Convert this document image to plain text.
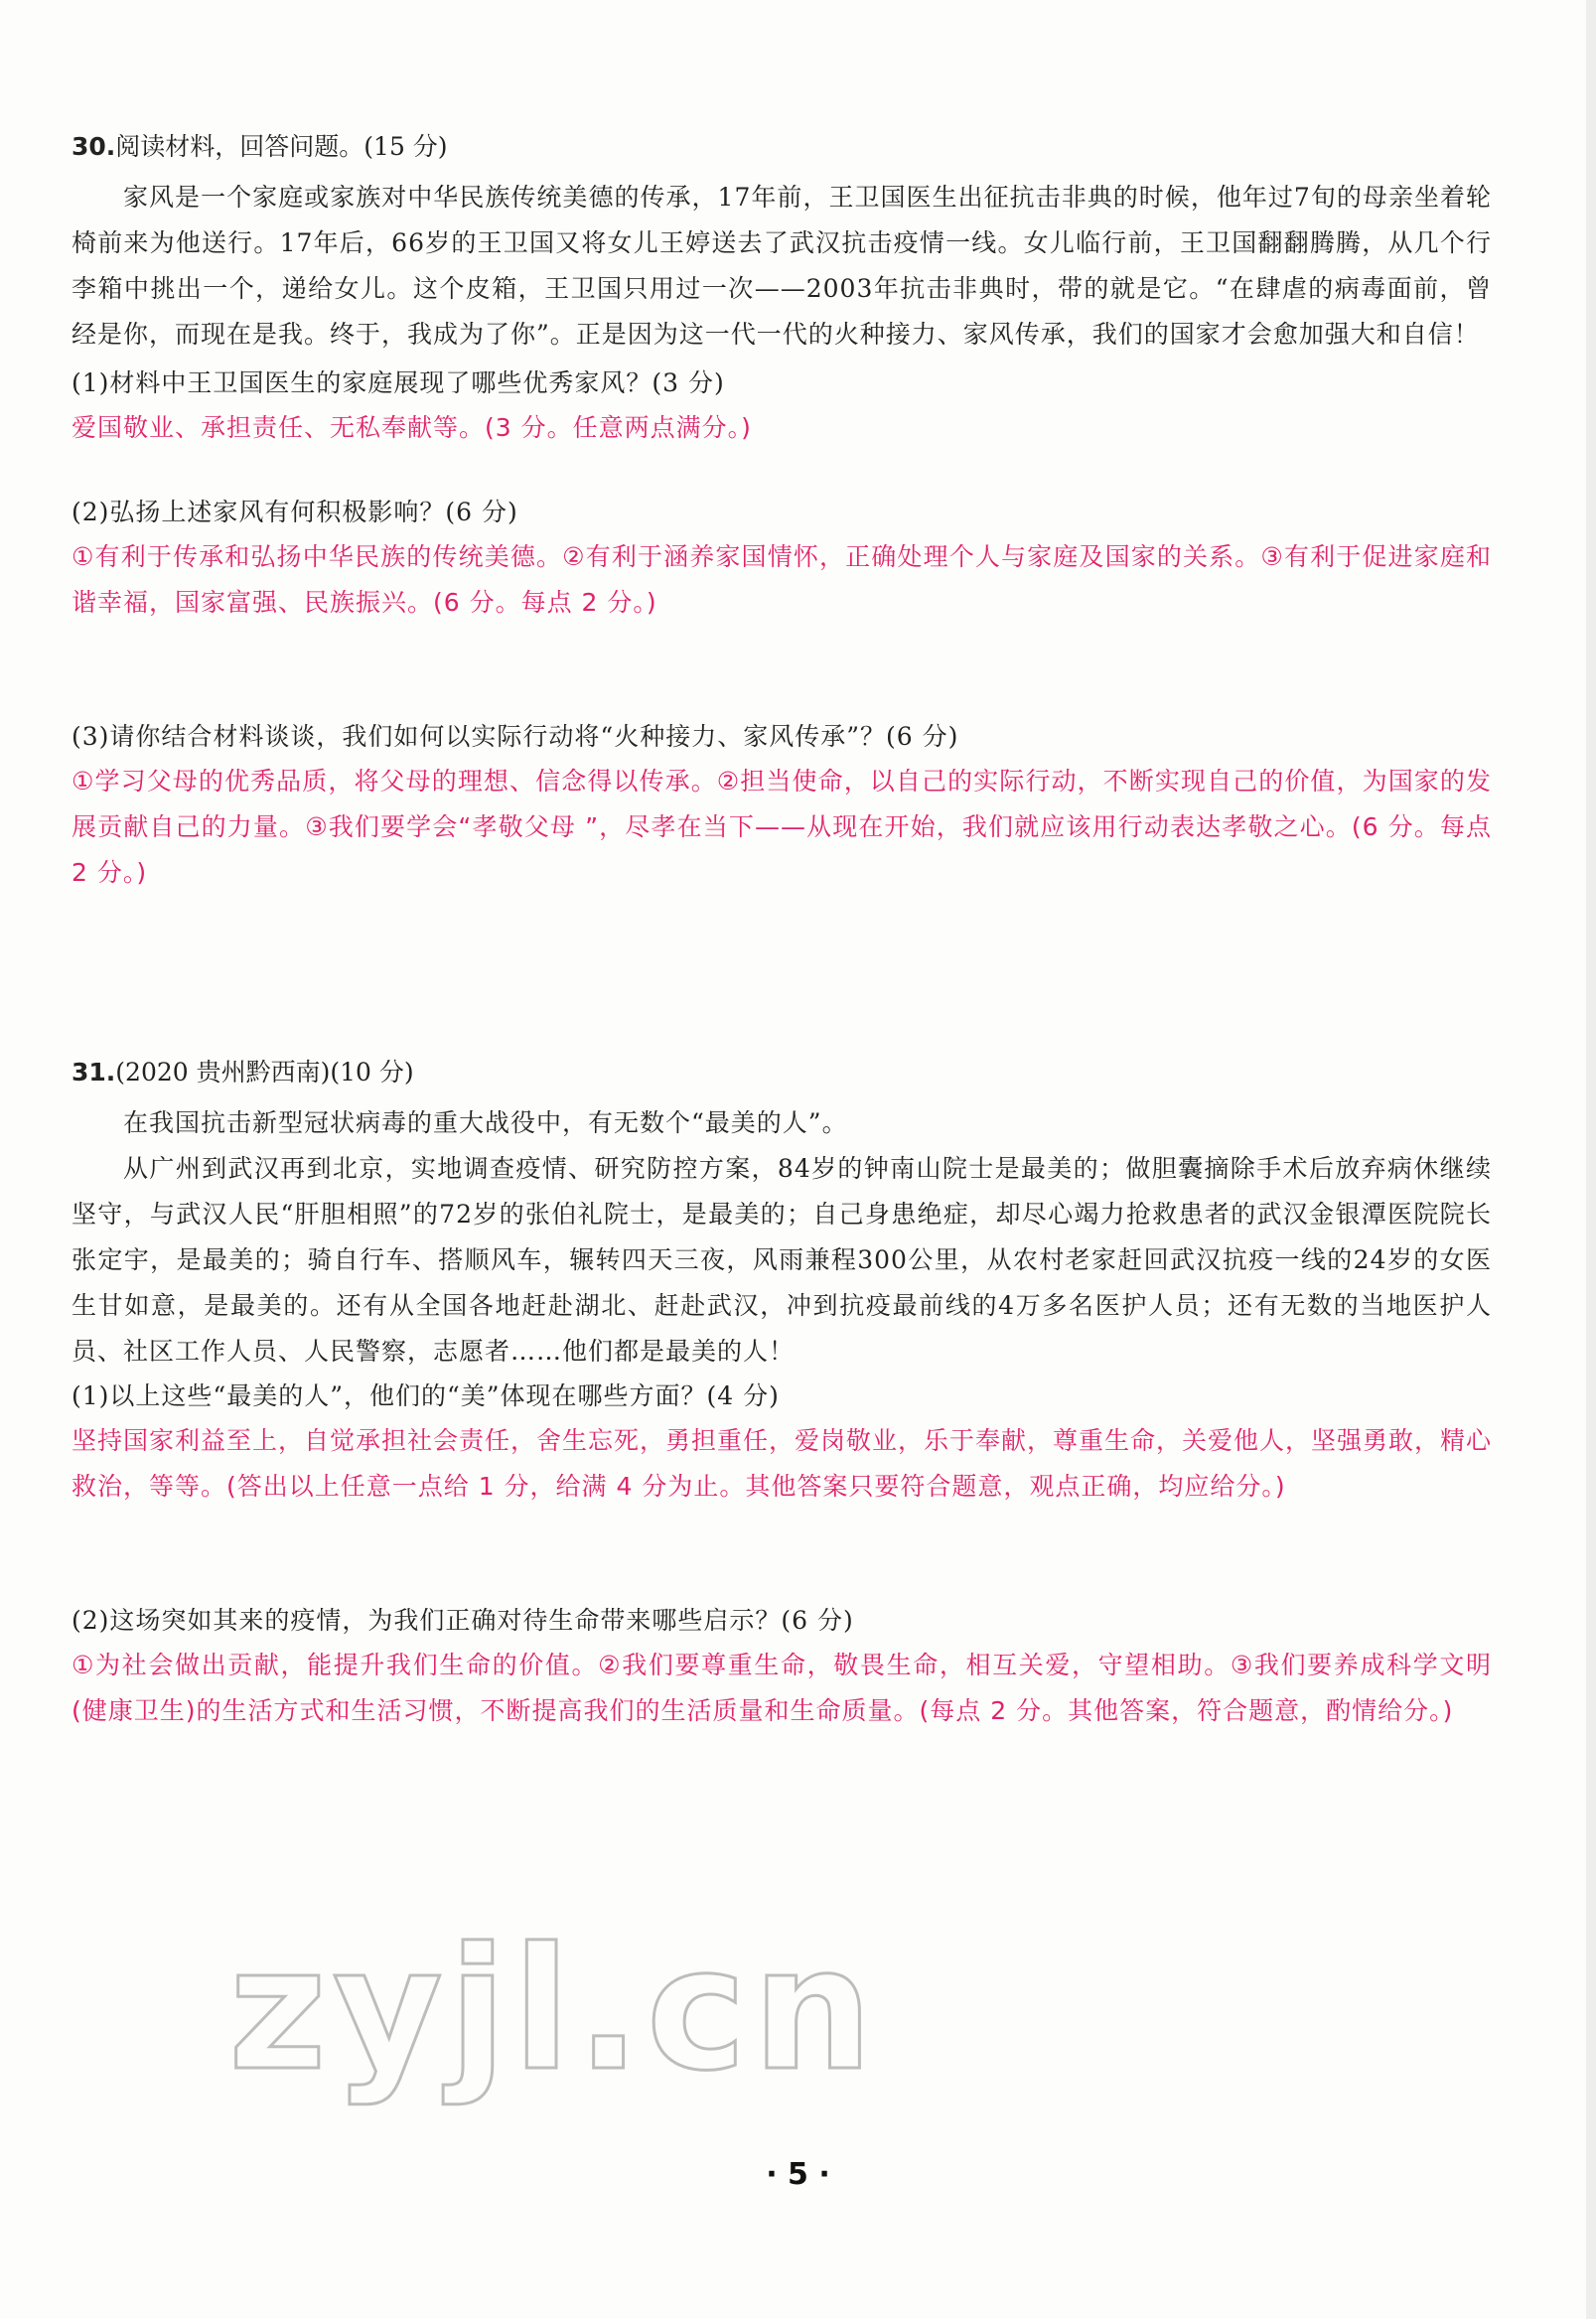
30.阅读材料，回答问题。(15 分)

家风是一个家庭或家族对中华民族传统美德的传承，17年前，王卫国医生出征抗击非典的时候，他年过7旬的母亲坐着轮椅前来为他送行。17年后，66岁的王卫国又将女儿王婷送去了武汉抗击疫情一线。女儿临行前，王卫国翻翻腾腾，从几个行李箱中挑出一个，递给女儿。这个皮箱，王卫国只用过一次——2003年抗击非典时，带的就是它。“在肆虐的病毒面前，曾经是你，而现在是我。终于，我成为了你”。正是因为这一代一代的火种接力、家风传承，我们的国家才会愈加强大和自信！

(1)材料中王卫国医生的家庭展现了哪些优秀家风？(3 分)

爱国敬业、承担责任、无私奉献等。(3 分。任意两点满分。)

(2)弘扬上述家风有何积极影响？(6 分)

①有利于传承和弘扬中华民族的传统美德。②有利于涵养家国情怀，正确处理个人与家庭及国家的关系。③有利于促进家庭和谐幸福，国家富强、民族振兴。(6 分。每点 2 分。)

(3)请你结合材料谈谈，我们如何以实际行动将“火种接力、家风传承”？(6 分)

①学习父母的优秀品质，将父母的理想、信念得以传承。②担当使命，以自己的实际行动，不断实现自己的价值，为国家的发展贡献自己的力量。③我们要学会“孝敬父母 ”，尽孝在当下——从现在开始，我们就应该用行动表达孝敬之心。(6 分。每点 2 分。)

31.(2020 贵州黔西南)(10 分)

在我国抗击新型冠状病毒的重大战役中，有无数个“最美的人”。

从广州到武汉再到北京，实地调查疫情、研究防控方案，84岁的钟南山院士是最美的；做胆囊摘除手术后放弃病休继续坚守，与武汉人民“肝胆相照”的72岁的张伯礼院士，是最美的；自己身患绝症，却尽心竭力抢救患者的武汉金银潭医院院长张定宇，是最美的；骑自行车、搭顺风车，辗转四天三夜，风雨兼程300公里，从农村老家赶回武汉抗疫一线的24岁的女医生甘如意，是最美的。还有从全国各地赶赴湖北、赶赴武汉，冲到抗疫最前线的4万多名医护人员；还有无数的当地医护人员、社区工作人员、人民警察，志愿者……他们都是最美的人！

(1)以上这些“最美的人”，他们的“美”体现在哪些方面？(4 分)

坚持国家利益至上，自觉承担社会责任，舍生忘死，勇担重任，爱岗敬业，乐于奉献，尊重生命，关爱他人，坚强勇敢，精心救治，等等。(答出以上任意一点给 1 分，给满 4 分为止。其他答案只要符合题意，观点正确，均应给分。)

(2)这场突如其来的疫情，为我们正确对待生命带来哪些启示？(6 分)

①为社会做出贡献，能提升我们生命的价值。②我们要尊重生命，敬畏生命，相互关爱，守望相助。③我们要养成科学文明(健康卫生)的生活方式和生活习惯，不断提高我们的生活质量和生命质量。(每点 2 分。其他答案，符合题意，酌情给分。)

zyjl.cn
· 5 ·
